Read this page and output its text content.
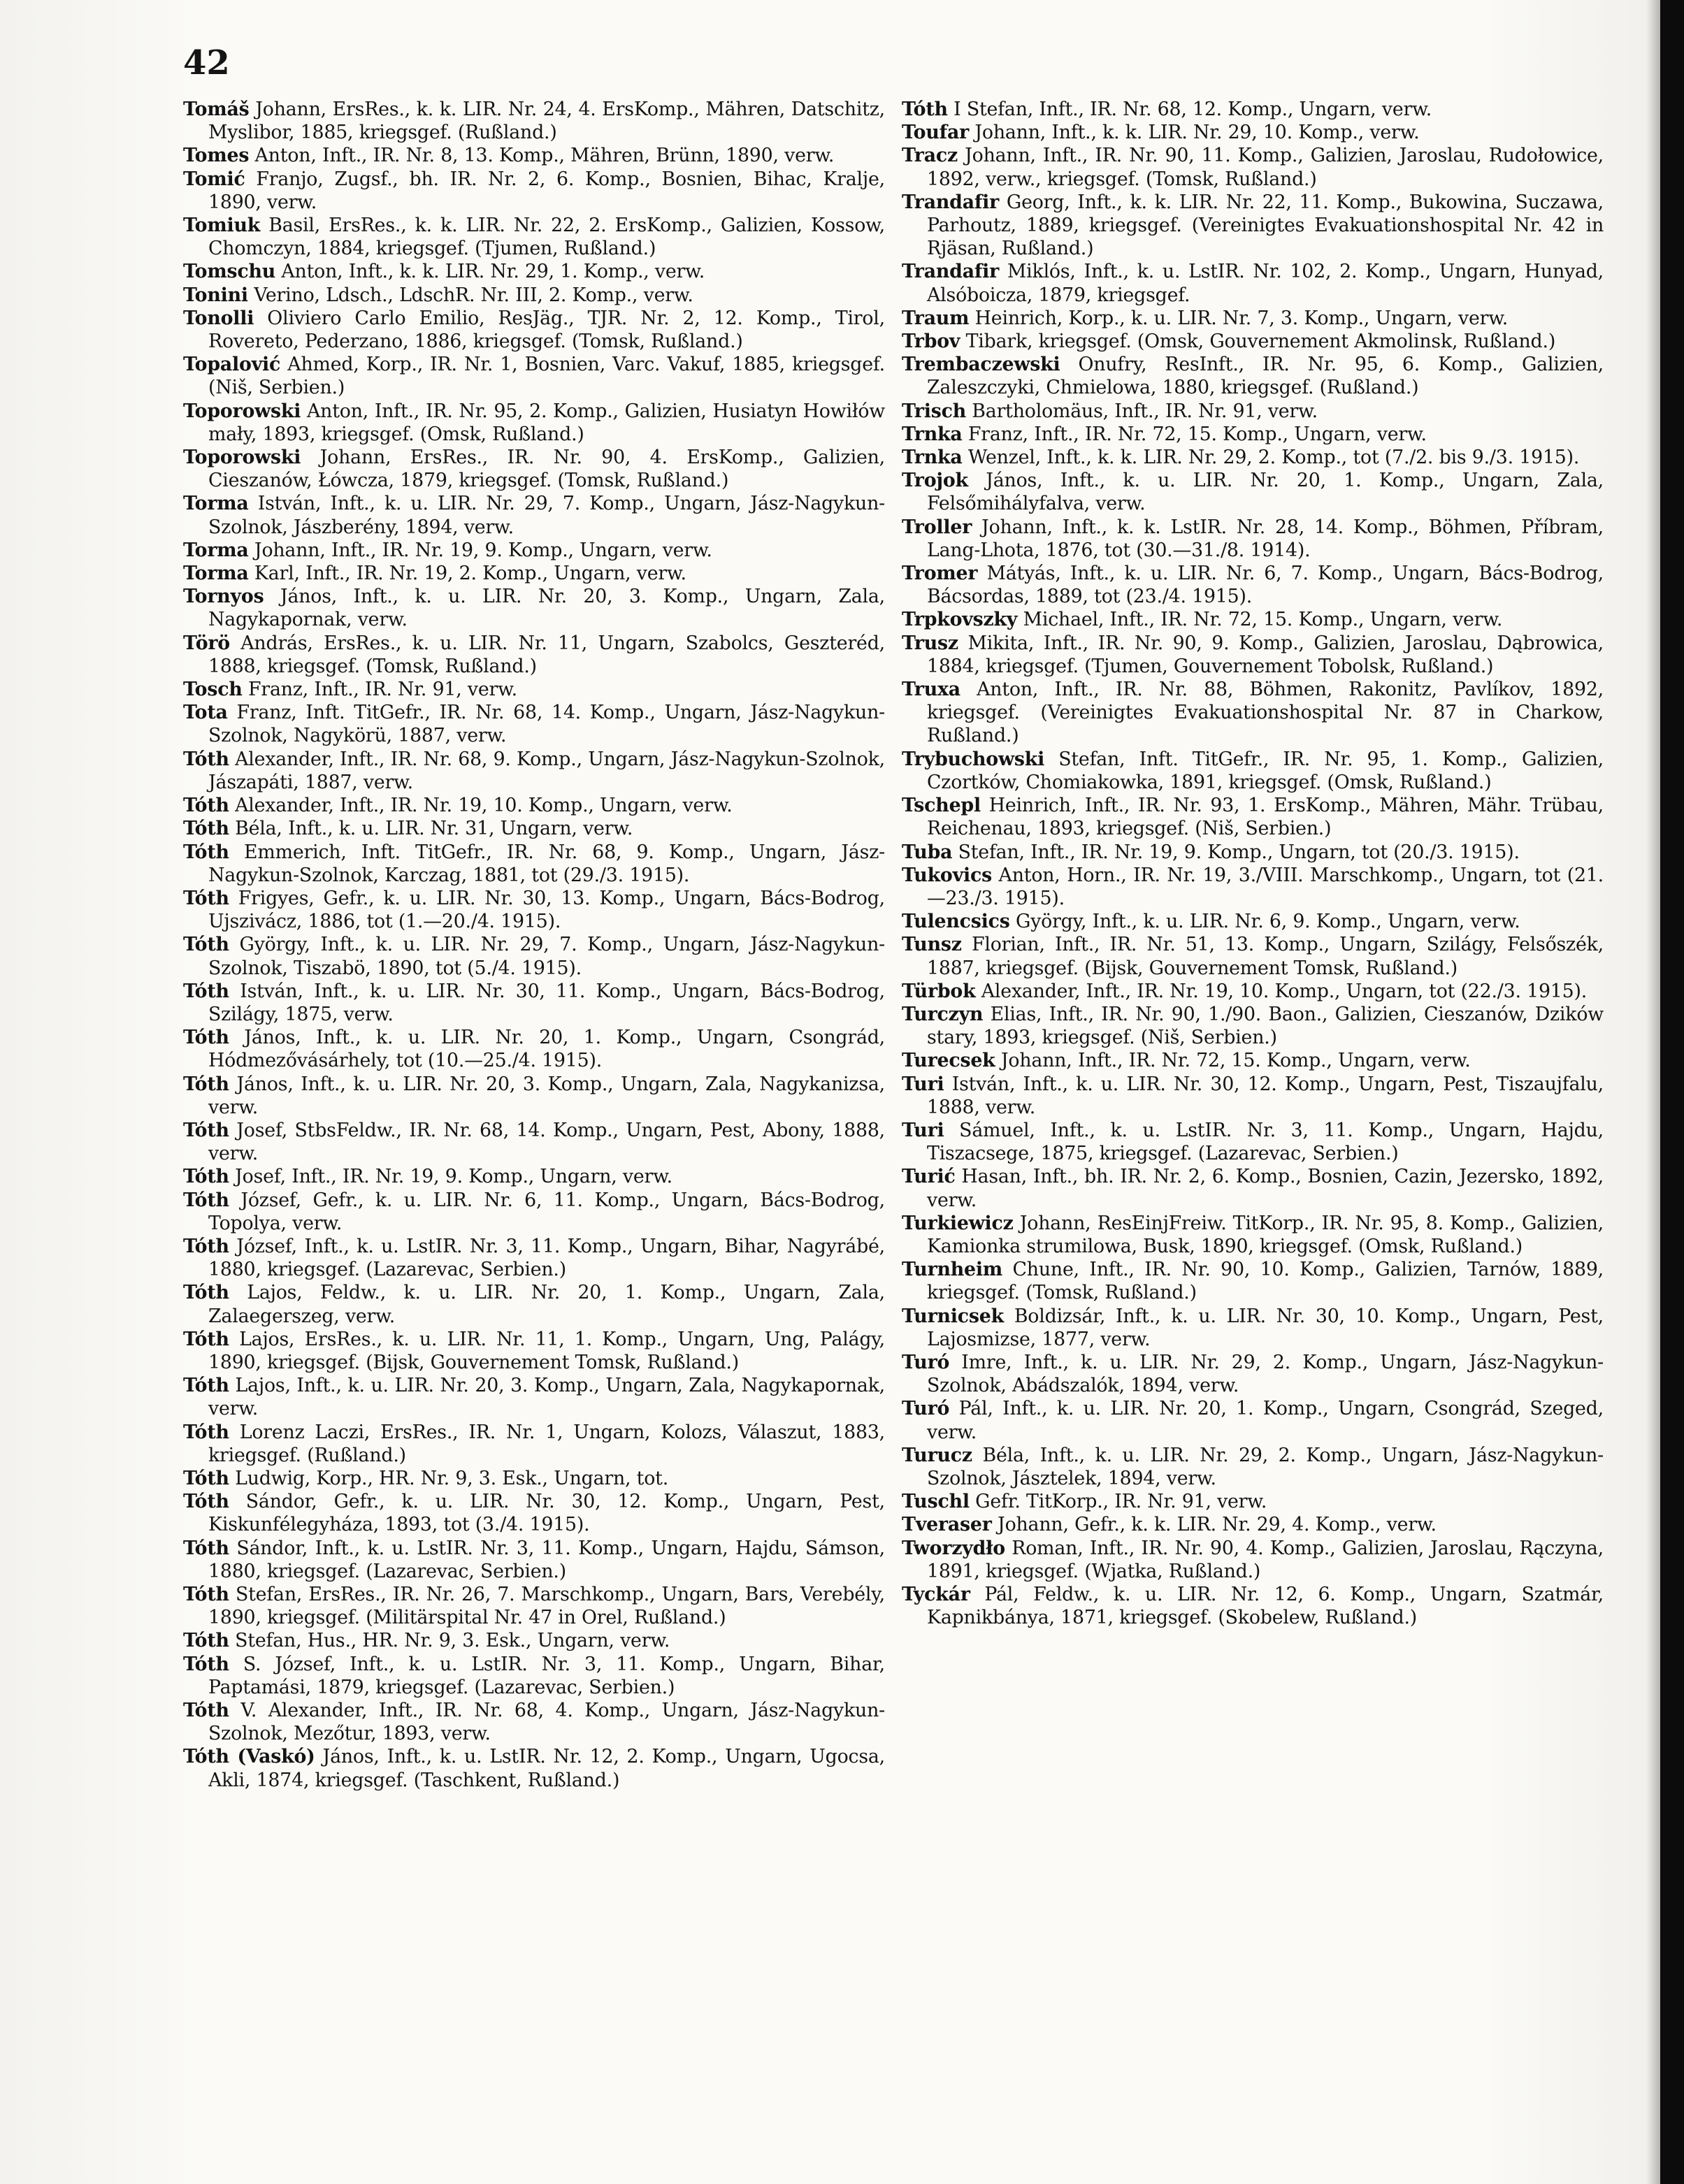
42

Tomáš Johann, ErsRes., k. k. LIR. Nr. 24, 4. ErsKomp., Mähren, Datschitz, Myslibor, 1885, kriegsgef. (Rußland.)

Tomes Anton, Inft., IR. Nr. 8, 13. Komp., Mähren, Brünn, 1890, verw.

Tomić Franjo, Zugsf., bh. IR. Nr. 2, 6. Komp., Bosnien, Bihac, Kralje, 1890, verw.

Tomiuk Basil, ErsRes., k. k. LIR. Nr. 22, 2. ErsKomp., Galizien, Kossow, Chomczyn, 1884, kriegsgef. (Tjumen, Rußland.)

Tomschu Anton, Inft., k. k. LIR. Nr. 29, 1. Komp., verw.

Tonini Verino, Ldsch., LdschR. Nr. III, 2. Komp., verw.

Tonolli Oliviero Carlo Emilio, ResJäg., TJR. Nr. 2, 12. Komp., Tirol, Rovereto, Pederzano, 1886, kriegsgef. (Tomsk, Rußland.)

Topalović Ahmed, Korp., IR. Nr. 1, Bosnien, Varc. Vakuf, 1885, kriegsgef. (Niš, Serbien.)

Toporowski Anton, Inft., IR. Nr. 95, 2. Komp., Galizien, Husiatyn Howiłów mały, 1893, kriegsgef. (Omsk, Rußland.)

Toporowski Johann, ErsRes., IR. Nr. 90, 4. ErsKomp., Galizien, Cieszanów, Łówcza, 1879, kriegsgef. (Tomsk, Rußland.)

Torma István, Inft., k. u. LIR. Nr. 29, 7. Komp., Ungarn, Jász-Nagykun-Szolnok, Jászberény, 1894, verw.

Torma Johann, Inft., IR. Nr. 19, 9. Komp., Ungarn, verw.

Torma Karl, Inft., IR. Nr. 19, 2. Komp., Ungarn, verw.

Tornyos János, Inft., k. u. LIR. Nr. 20, 3. Komp., Ungarn, Zala, Nagykapornak, verw.

Törö András, ErsRes., k. u. LIR. Nr. 11, Ungarn, Szabolcs, Geszteréd, 1888, kriegsgef. (Tomsk, Rußland.)

Tosch Franz, Inft., IR. Nr. 91, verw.

Tota Franz, Inft. TitGefr., IR. Nr. 68, 14. Komp., Ungarn, Jász-Nagykun-Szolnok, Nagykörü, 1887, verw.

Tóth Alexander, Inft., IR. Nr. 68, 9. Komp., Ungarn, Jász-Nagykun-Szolnok, Jászapáti, 1887, verw.

Tóth Alexander, Inft., IR. Nr. 19, 10. Komp., Ungarn, verw.

Tóth Béla, Inft., k. u. LIR. Nr. 31, Ungarn, verw.

Tóth Emmerich, Inft. TitGefr., IR. Nr. 68, 9. Komp., Ungarn, Jász-Nagykun-Szolnok, Karczag, 1881, tot (29./3. 1915).

Tóth Frigyes, Gefr., k. u. LIR. Nr. 30, 13. Komp., Ungarn, Bács-Bodrog, Ujszivácz, 1886, tot (1.—20./4. 1915).

Tóth György, Inft., k. u. LIR. Nr. 29, 7. Komp., Ungarn, Jász-Nagykun-Szolnok, Tiszabö, 1890, tot (5./4. 1915).

Tóth István, Inft., k. u. LIR. Nr. 30, 11. Komp., Ungarn, Bács-Bodrog, Szilágy, 1875, verw.

Tóth János, Inft., k. u. LIR. Nr. 20, 1. Komp., Ungarn, Csongrád, Hódmezővásárhely, tot (10.—25./4. 1915).

Tóth János, Inft., k. u. LIR. Nr. 20, 3. Komp., Ungarn, Zala, Nagykanizsa, verw.

Tóth Josef, StbsFeldw., IR. Nr. 68, 14. Komp., Ungarn, Pest, Abony, 1888, verw.

Tóth Josef, Inft., IR. Nr. 19, 9. Komp., Ungarn, verw.

Tóth József, Gefr., k. u. LIR. Nr. 6, 11. Komp., Ungarn, Bács-Bodrog, Topolya, verw.

Tóth József, Inft., k. u. LstIR. Nr. 3, 11. Komp., Ungarn, Bihar, Nagyrábé, 1880, kriegsgef. (Lazarevac, Serbien.)

Tóth Lajos, Feldw., k. u. LIR. Nr. 20, 1. Komp., Ungarn, Zala, Zalaegerszeg, verw.

Tóth Lajos, ErsRes., k. u. LIR. Nr. 11, 1. Komp., Ungarn, Ung, Palágy, 1890, kriegsgef. (Bijsk, Gouvernement Tomsk, Rußland.)

Tóth Lajos, Inft., k. u. LIR. Nr. 20, 3. Komp., Ungarn, Zala, Nagykapornak, verw.

Tóth Lorenz Laczi, ErsRes., IR. Nr. 1, Ungarn, Kolozs, Válaszut, 1883, kriegsgef. (Rußland.)

Tóth Ludwig, Korp., HR. Nr. 9, 3. Esk., Ungarn, tot.

Tóth Sándor, Gefr., k. u. LIR. Nr. 30, 12. Komp., Ungarn, Pest, Kiskunfélegyháza, 1893, tot (3./4. 1915).

Tóth Sándor, Inft., k. u. LstIR. Nr. 3, 11. Komp., Ungarn, Hajdu, Sámson, 1880, kriegsgef. (Lazarevac, Serbien.)

Tóth Stefan, ErsRes., IR. Nr. 26, 7. Marschkomp., Ungarn, Bars, Verebély, 1890, kriegsgef. (Militärspital Nr. 47 in Orel, Rußland.)

Tóth Stefan, Hus., HR. Nr. 9, 3. Esk., Ungarn, verw.

Tóth S. József, Inft., k. u. LstIR. Nr. 3, 11. Komp., Ungarn, Bihar, Paptamási, 1879, kriegsgef. (Lazarevac, Serbien.)

Tóth V. Alexander, Inft., IR. Nr. 68, 4. Komp., Ungarn, Jász-Nagykun-Szolnok, Mezőtur, 1893, verw.

Tóth (Vaskó) János, Inft., k. u. LstIR. Nr. 12, 2. Komp., Ungarn, Ugocsa, Akli, 1874, kriegsgef. (Taschkent, Rußland.)

Tóth I Stefan, Inft., IR. Nr. 68, 12. Komp., Ungarn, verw.

Toufar Johann, Inft., k. k. LIR. Nr. 29, 10. Komp., verw.

Tracz Johann, Inft., IR. Nr. 90, 11. Komp., Galizien, Jaroslau, Rudołowice, 1892, verw., kriegsgef. (Tomsk, Rußland.)

Trandafir Georg, Inft., k. k. LIR. Nr. 22, 11. Komp., Bukowina, Suczawa, Parhoutz, 1889, kriegsgef. (Vereinigtes Evakuationshospital Nr. 42 in Rjäsan, Rußland.)

Trandafir Miklós, Inft., k. u. LstIR. Nr. 102, 2. Komp., Ungarn, Hunyad, Alsóboicza, 1879, kriegsgef.

Traum Heinrich, Korp., k. u. LIR. Nr. 7, 3. Komp., Ungarn, verw.

Trbov Tibark, kriegsgef. (Omsk, Gouvernement Akmolinsk, Rußland.)

Trembaczewski Onufry, ResInft., IR. Nr. 95, 6. Komp., Galizien, Zaleszczyki, Chmielowa, 1880, kriegsgef. (Rußland.)

Trisch Bartholomäus, Inft., IR. Nr. 91, verw.

Trnka Franz, Inft., IR. Nr. 72, 15. Komp., Ungarn, verw.

Trnka Wenzel, Inft., k. k. LIR. Nr. 29, 2. Komp., tot (7./2. bis 9./3. 1915).

Trojok János, Inft., k. u. LIR. Nr. 20, 1. Komp., Ungarn, Zala, Felsőmihályfalva, verw.

Troller Johann, Inft., k. k. LstIR. Nr. 28, 14. Komp., Böhmen, Příbram, Lang-Lhota, 1876, tot (30.—31./8. 1914).

Tromer Mátyás, Inft., k. u. LIR. Nr. 6, 7. Komp., Ungarn, Bács-Bodrog, Bácsordas, 1889, tot (23./4. 1915).

Trpkovszky Michael, Inft., IR. Nr. 72, 15. Komp., Ungarn, verw.

Trusz Mikita, Inft., IR. Nr. 90, 9. Komp., Galizien, Jaroslau, Dąbrowica, 1884, kriegsgef. (Tjumen, Gouvernement Tobolsk, Rußland.)

Truxa Anton, Inft., IR. Nr. 88, Böhmen, Rakonitz, Pavlíkov, 1892, kriegsgef. (Vereinigtes Evakuationshospital Nr. 87 in Charkow, Rußland.)

Trybuchowski Stefan, Inft. TitGefr., IR. Nr. 95, 1. Komp., Galizien, Czortków, Chomiakowka, 1891, kriegsgef. (Omsk, Rußland.)

Tschepl Heinrich, Inft., IR. Nr. 93, 1. ErsKomp., Mähren, Mähr. Trübau, Reichenau, 1893, kriegsgef. (Niš, Serbien.)

Tuba Stefan, Inft., IR. Nr. 19, 9. Komp., Ungarn, tot (20./3. 1915).

Tukovics Anton, Horn., IR. Nr. 19, 3./VIII. Marschkomp., Ungarn, tot (21.—23./3. 1915).

Tulencsics György, Inft., k. u. LIR. Nr. 6, 9. Komp., Ungarn, verw.

Tunsz Florian, Inft., IR. Nr. 51, 13. Komp., Ungarn, Szilágy, Felsőszék, 1887, kriegsgef. (Bijsk, Gouvernement Tomsk, Rußland.)

Türbok Alexander, Inft., IR. Nr. 19, 10. Komp., Ungarn, tot (22./3. 1915).

Turczyn Elias, Inft., IR. Nr. 90, 1./90. Baon., Galizien, Cieszanów, Dzików stary, 1893, kriegsgef. (Niš, Serbien.)

Turecsek Johann, Inft., IR. Nr. 72, 15. Komp., Ungarn, verw.

Turi István, Inft., k. u. LIR. Nr. 30, 12. Komp., Ungarn, Pest, Tiszaujfalu, 1888, verw.

Turi Sámuel, Inft., k. u. LstIR. Nr. 3, 11. Komp., Ungarn, Hajdu, Tiszacsege, 1875, kriegsgef. (Lazarevac, Serbien.)

Turić Hasan, Inft., bh. IR. Nr. 2, 6. Komp., Bosnien, Cazin, Jezersko, 1892, verw.

Turkiewicz Johann, ResEinjFreiw. TitKorp., IR. Nr. 95, 8. Komp., Galizien, Kamionka strumilowa, Busk, 1890, kriegsgef. (Omsk, Rußland.)

Turnheim Chune, Inft., IR. Nr. 90, 10. Komp., Galizien, Tarnów, 1889, kriegsgef. (Tomsk, Rußland.)

Turnicsek Boldizsár, Inft., k. u. LIR. Nr. 30, 10. Komp., Ungarn, Pest, Lajosmizse, 1877, verw.

Turó Imre, Inft., k. u. LIR. Nr. 29, 2. Komp., Ungarn, Jász-Nagykun-Szolnok, Abádszalók, 1894, verw.

Turó Pál, Inft., k. u. LIR. Nr. 20, 1. Komp., Ungarn, Csongrád, Szeged, verw.

Turucz Béla, Inft., k. u. LIR. Nr. 29, 2. Komp., Ungarn, Jász-Nagykun-Szolnok, Jásztelek, 1894, verw.

Tuschl Gefr. TitKorp., IR. Nr. 91, verw.

Tveraser Johann, Gefr., k. k. LIR. Nr. 29, 4. Komp., verw.

Tworzydło Roman, Inft., IR. Nr. 90, 4. Komp., Galizien, Jaroslau, Rączyna, 1891, kriegsgef. (Wjatka, Rußland.)

Tyckár Pál, Feldw., k. u. LIR. Nr. 12, 6. Komp., Ungarn, Szatmár, Kapnikbánya, 1871, kriegsgef. (Skobelew, Rußland.)
